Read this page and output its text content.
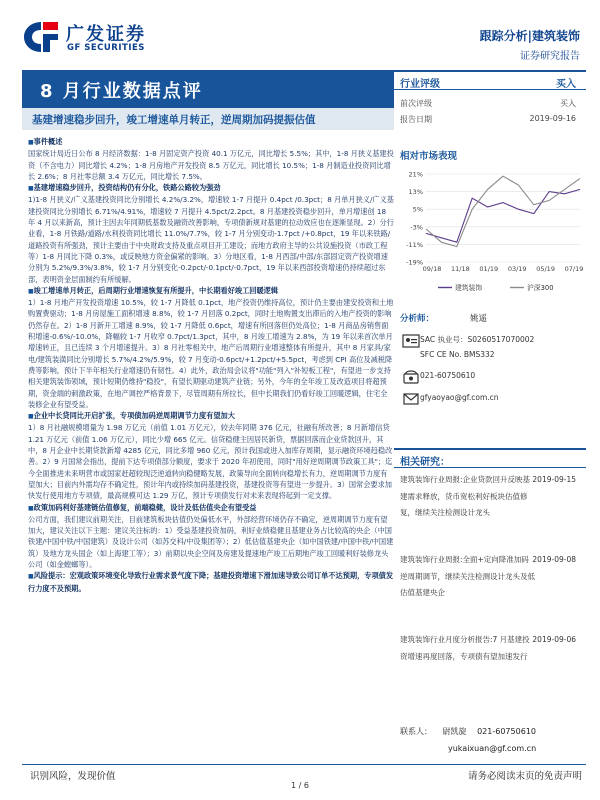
广发证券
GF SECURITIES
跟踪分析|建筑装饰
证券研究报告
8 月行业数据点评
基建增速稳步回升，竣工增速单月转正，逆周期加码提振估值

■ 事件概述

国家统计局近日公布 8 月经济数据：1-8 月固定资产投资 40.1 万亿元，同比增长 5.5%；其中，1-8 月狭义基建投资（不含电力）同比增长 4.2%；1-8 月房地产开发投资 8.5 万亿元，同比增长 10.5%；1-8 月制造业投资同比增长 2.6%；8 月社零总额 3.4 万亿元，同比增长 7.5%。

■ 基建增速稳步回升，投资结构仍有分化，铁路公路较为强劲

1)1-8 月狭义/广义基建投资同比分别增长 4.2%/3.2%，增速较 1-7 月提升 0.4pct /0.3pct；8 月单月狭义/广义基建投资同比分别增长 6.71%/4.91%，增速较 7 月提升 4.5pct/2.2pct。8 月基建投资稳步回升，单月增速创 18 年 4 月以来新高，预计主因去年同期低基数及融资改善影响，专项债新规对基建的拉动效应也在逐渐显现。2）分行业看，1-8 月铁路/道路/水利投资同比增长 11.0%/7.7%，较 1-7 月分别变动-1.7pct /+0.8pct，19 年以来铁路/道路投资有所强劲，预计主要由于中央财政支持及重点项目开工建设；而地方政府主导的公共设施投资（市政工程等）1-8 月同比下降 0.3%，或反映地方资金偏紧的影响。3）分地区看，1-8 月西部/中部/东部固定资产投资增速分别为 5.2%/9.3%/3.8%，较 1-7 月分别变化-0.2pct/-0.1pct/-0.7pct，19 年以来西部投资增速仍持续超过东部，表明资金层面制约有所缓解。

■ 竣工增速单月转正，后周期行业增速恢复有所提升，中长期看好竣工回暖逻辑

1）1-8 月地产开发投资增速 10.5%，较 1-7 月降低 0.1pct，地产投资仍维持高位，预计仍主要由建安投资和土地购置费驱动；1-8 月房屋施工面积增速 8.8%，较 1-7 月回落 0.2pct，同时土地购置支出滞后的入地产投资的影响仍然存在。2）1-8 月新开工增速 8.9%，较 1-7 月降低 0.6pct，增速有所回落但仍处高位；1-8 月商品房销售面积增速-0.6%/-10.0%，降幅较 1-7 月收窄 0.7pct/1.3pct，其中，8 月竣工增速为 2.8%，为 19 年以来首次单月增速转正，且已连续 3 个月增速提升。3）8 月社零相关中，地产后周期行业增速整体有所提升，其中 8 月家具/家电/建筑装潢同比分别增长 5.7%/4.2%/5.9%，较 7 月变动-0.6pct/+1.2pct/+5.5pct，考虑到 CPI 高位及减税降费等影响，预计下半年相关行业增速仍有韧性。4）此外，政治局会议将"功能"列入"补短板工程"，有望进一步支持相关建筑装饰领域，预计短期仍维持"稳投"，有望长期驱动建筑产业链；另外，今年的全年竣工及改造项目将超预期，资金端的刺激政策，在地产调控严格背景下，尽管周期有所拉长，但中长期我们仍看好竣工回暖逻辑，住宅全装修企业有望受益。

■ 企业中长贷同比开启扩张，专项债加码逆周期调节力度有望加大

1）8 月社融规模增量为 1.98 万亿元（前值 1.01 万亿元），较去年同期 376 亿元，社融有所改善；8 月新增信贷 1.21 万亿元（前值 1.06 万亿元），同比少增 665 亿元。信贷稳健主因居民新贷，票据回落而企业贷款回升，其中，8 月企业中长期贷款新增 4285 亿元，同比多增 960 亿元，预计我国或进入加库存周期，显示融资环境趋稳改善。2）9 月国常会指出，提前下达专项债部分额度，要求于 2020 年初使用，同时"用好逆周期调节政策工具"；迄今全面推进未来明营市或国家赶超较现泛逆道转向稳健略发展，政策导向全面转向稳增长有力，逆周期调节力度有望加大；目前内外需均存不确定性，预计年内或持续加码基建投资，基建投资等有望进一步提升。3）国常会要求加快发行使用地方专项债，最高规模可达 1.29 万亿，预计专项债发行对未来表现将起到一定支撑。

■ 政策加码利好基建链估值修复，前端稳健，设计及低估值央企有望受益

公司方面，我们建议前期关注，目前建筑板块估值仍处偏低水平，外部经营环境仍存不确定，逆周期调节力度有望加大，建议关注以下主题：建议关注标的：1）受益基建投资加码，利好业绩稳健且基建业务占比较高的央企（中国铁建/中国中铁/中国建筑）及设计公司（如苏交科/中设集团等）；2）低估值基建央企（如中国铁建/中国中铁/中国建筑）及地方龙头国企（如上海建工等）；3）前期以央企空间及房建及提速地产竣工后期地产竣工回暖利好装修龙头公司（如金螳螂等）。

■ 风险提示：宏观政策环境变化导致行业需求景气度下降；基建投资增速下滑加速导致公司订单不达预期，专项债发行力度不及预期。

行业评级	买入
前次评级	买入
报告日期	2019-09-16
相对市场表现
21%
13%
5%
-3%
-11%
-19%
09/18 11/18 01/19 03/19 05/19 07/19
建筑装饰	沪深300
分析师：	姚遥
SAC 执业号：S0260517070002
SFC CE No. BMS332
021-60750610
gfyaoyao@gf.com.cn
相关研究：
建筑装饰行业周报:企业贷款回升反映基建需求释放，货币宽松利好板块估值修复，继续关注检测设计龙头
2019-09-15
建筑装饰行业周报:全面+定向降准加码逆周期调节，继续关注检测设计龙头及低估值基建央企
2019-09-08
建筑装饰行业月度分析报告:7 月基建投资增速再度回落，专项债有望加速发行
2019-09-06
联系人： 尉凯旋 021-60750610
yukaixuan@gf.com.cn
识别风险，发现价值	请务必阅读末页的免责声明
1 / 6
